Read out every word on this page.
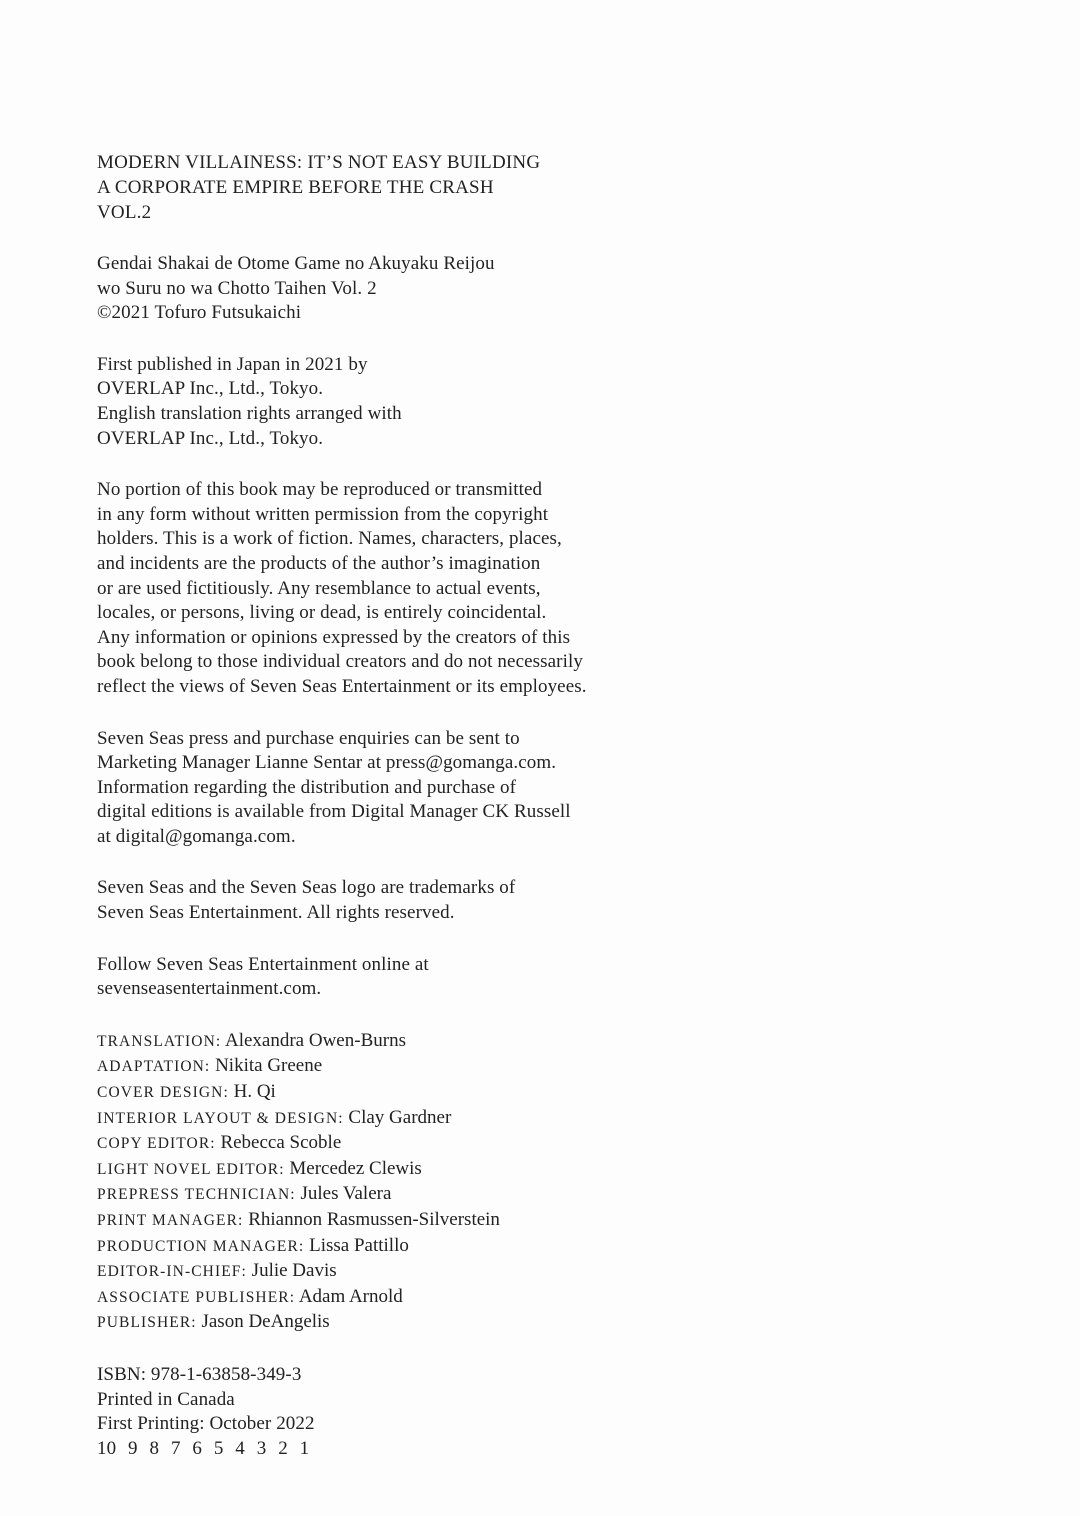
MODERN VILLAINESS: IT’S NOT EASY BUILDING
A CORPORATE EMPIRE BEFORE THE CRASH
VOL.2
Gendai Shakai de Otome Game no Akuyaku Reijou
wo Suru no wa Chotto Taihen Vol. 2
©2021 Tofuro Futsukaichi
First published in Japan in 2021 by
OVERLAP Inc., Ltd., Tokyo.
English translation rights arranged with
OVERLAP Inc., Ltd., Tokyo.
No portion of this book may be reproduced or transmitted
in any form without written permission from the copyright
holders. This is a work of fiction. Names, characters, places,
and incidents are the products of the author’s imagination
or are used fictitiously. Any resemblance to actual events,
locales, or persons, living or dead, is entirely coincidental.
Any information or opinions expressed by the creators of this
book belong to those individual creators and do not necessarily
reflect the views of Seven Seas Entertainment or its employees.
Seven Seas press and purchase enquiries can be sent to
Marketing Manager Lianne Sentar at press@gomanga.com.
Information regarding the distribution and purchase of
digital editions is available from Digital Manager CK Russell
at digital@gomanga.com.
Seven Seas and the Seven Seas logo are trademarks of
Seven Seas Entertainment. All rights reserved.
Follow Seven Seas Entertainment online at
sevenseasentertainment.com.
TRANSLATION: Alexandra Owen-Burns
ADAPTATION: Nikita Greene
COVER DESIGN: H. Qi
INTERIOR LAYOUT & DESIGN: Clay Gardner
COPY EDITOR: Rebecca Scoble
LIGHT NOVEL EDITOR: Mercedez Clewis
PREPRESS TECHNICIAN: Jules Valera
PRINT MANAGER: Rhiannon Rasmussen-Silverstein
PRODUCTION MANAGER: Lissa Pattillo
EDITOR-IN-CHIEF: Julie Davis
ASSOCIATE PUBLISHER: Adam Arnold
PUBLISHER: Jason DeAngelis
ISBN: 978-1-63858-349-3
Printed in Canada
First Printing: October 2022
10 9 8 7 6 5 4 3 2 1
